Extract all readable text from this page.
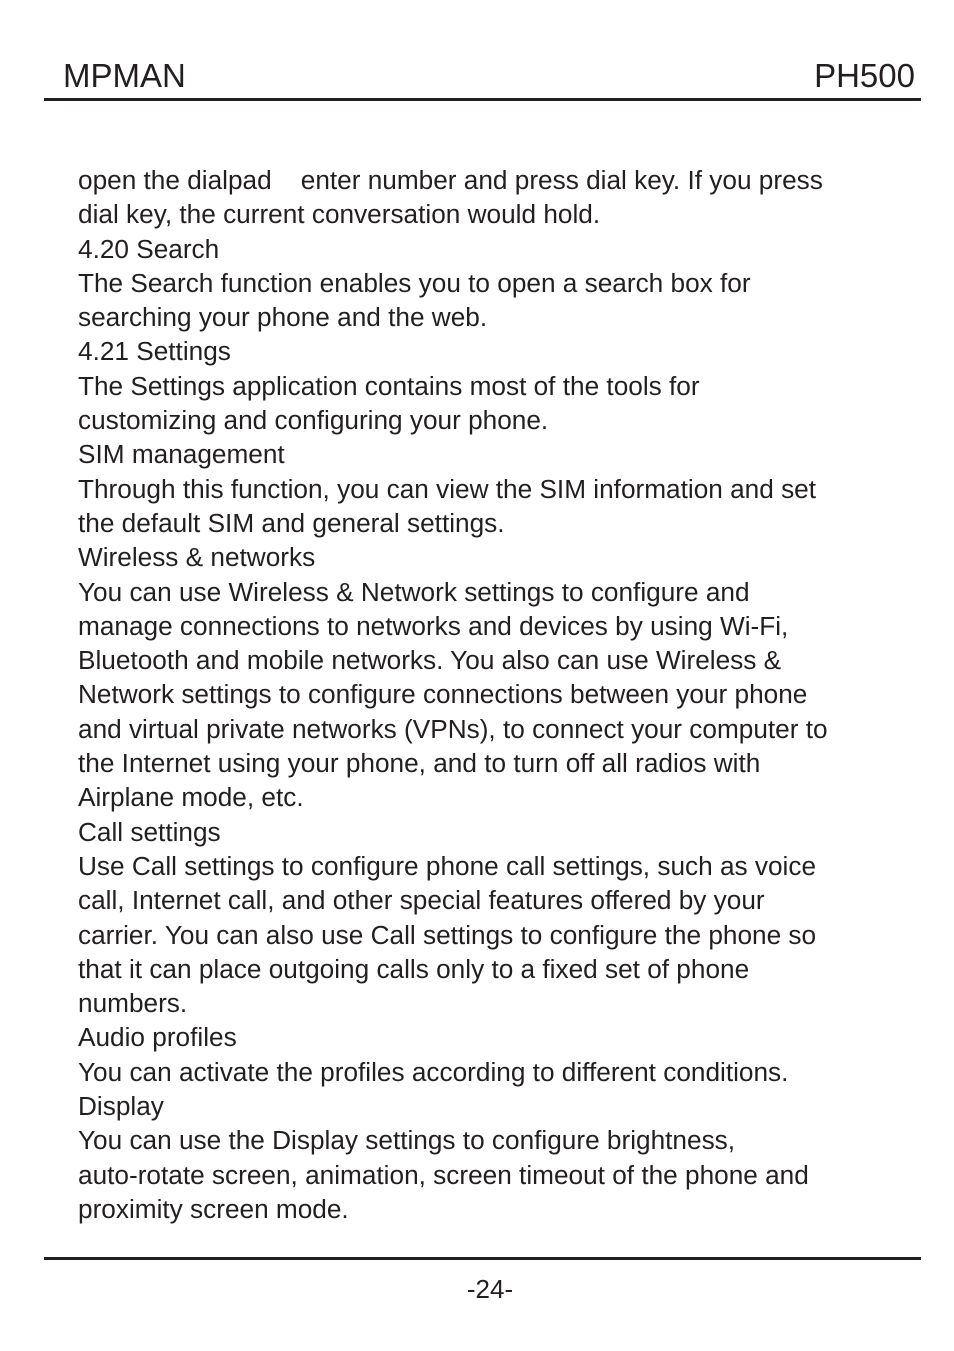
MPMAN	PH500

open the dialpad    enter number and press dial key. If you press

dial key, the current conversation would hold.

4.20 Search

The Search function enables you to open a search box for

searching your phone and the web.

4.21 Settings

The Settings application contains most of the tools for

customizing and configuring your phone.

SIM management

Through this function, you can view the SIM information and set

the default SIM and general settings.

Wireless & networks

You can use Wireless & Network settings to configure and

manage connections to networks and devices by using Wi-Fi,

Bluetooth and mobile networks. You also can use Wireless &

Network settings to configure connections between your phone

and virtual private networks (VPNs), to connect your computer to

the Internet using your phone, and to turn off all radios with

Airplane mode, etc.

Call settings

Use Call settings to configure phone call settings, such as voice

call, Internet call, and other special features offered by your

carrier. You can also use Call settings to configure the phone so

that it can place outgoing calls only to a fixed set of phone

numbers.

Audio profiles

You can activate the profiles according to different conditions.

Display

You can use the Display settings to configure brightness,

auto-rotate screen, animation, screen timeout of the phone and

proximity screen mode.

-24-
